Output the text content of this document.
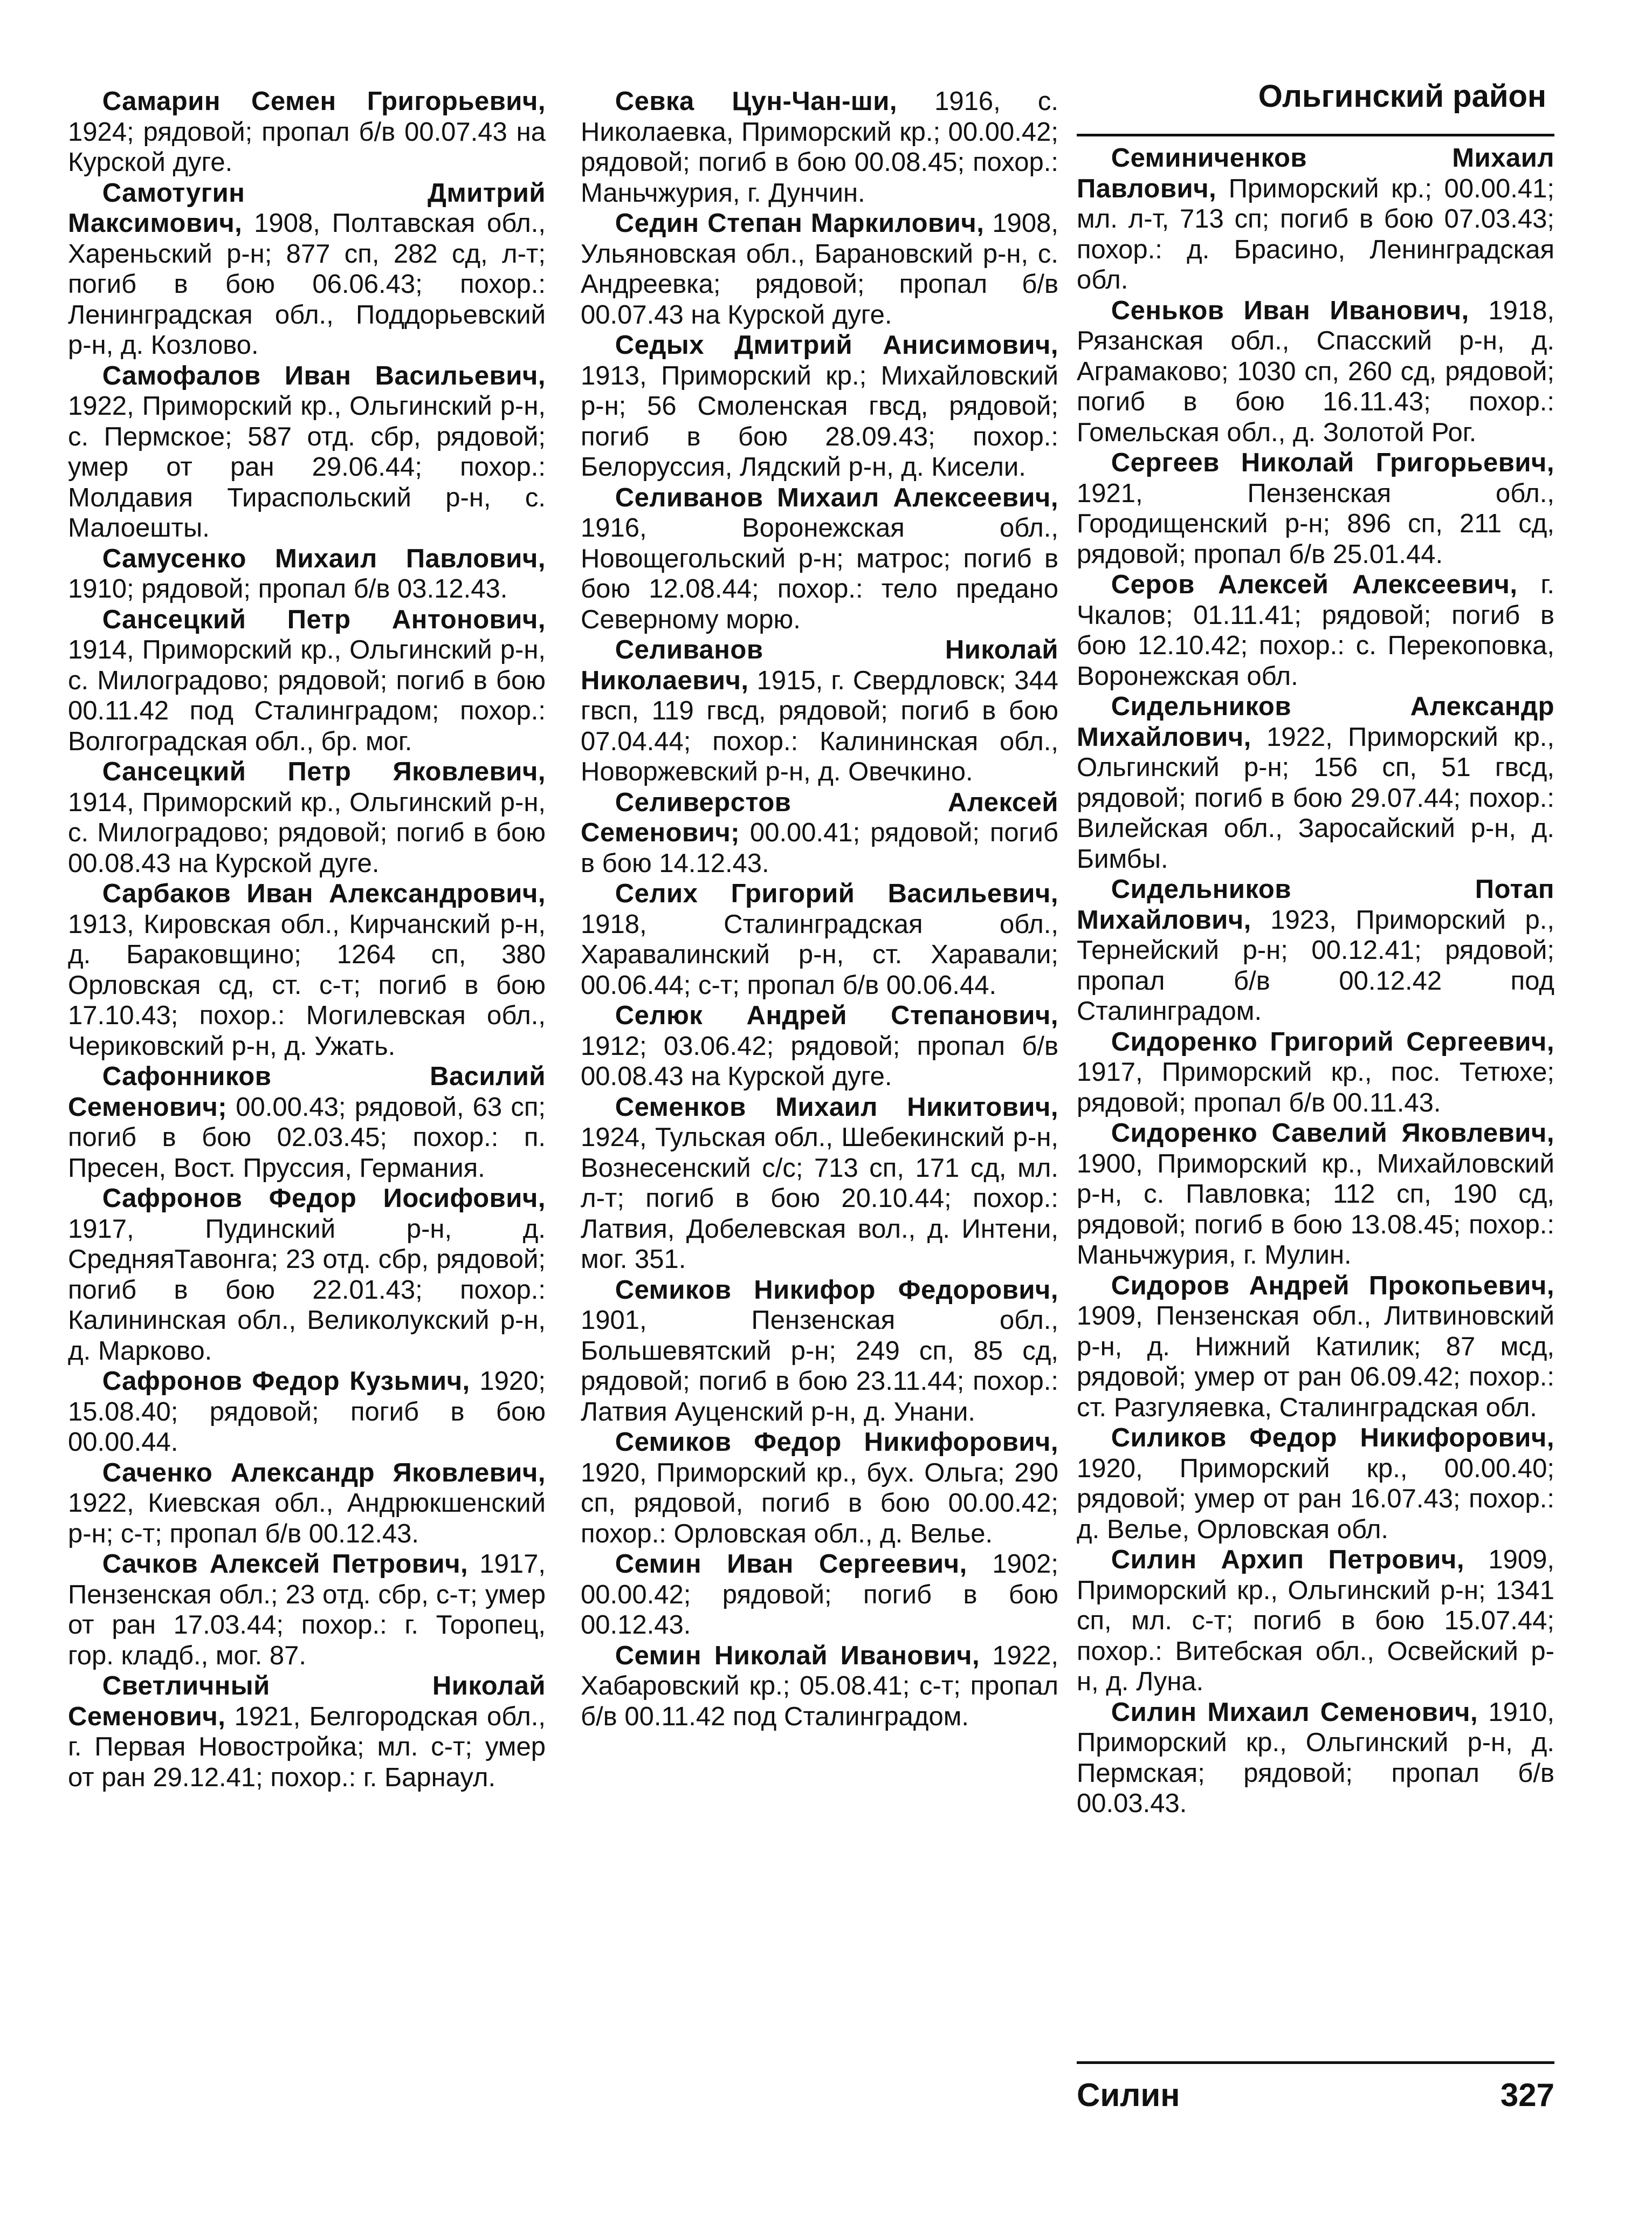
Ольгинский район

Самарин Семен Григорьевич, 1924; рядовой; пропал б/в 00.07.43 на Курской дуге.

Самотугин Дмитрий Максимович, 1908, Полтавская обл., Хареньский р-н; 877 сп, 282 сд, л-т; погиб в бою 06.06.43; похор.: Ленинградская обл., Поддорьевский р-н, д. Козлово.

Самофалов Иван Васильевич, 1922, Приморский кр., Ольгинский р-н, с. Пермское; 587 отд. сбр, рядовой; умер от ран 29.06.44; похор.: Молдавия Тираспольский р-н, с. Малоешты.

Самусенко Михаил Павлович, 1910; рядовой; пропал б/в 03.12.43.

Сансецкий Петр Антонович, 1914, Приморский кр., Ольгинский р-н, с. Милоградово; рядовой; погиб в бою 00.11.42 под Сталинградом; похор.: Волгоградская обл., бр. мог.

Сансецкий Петр Яковлевич, 1914, Приморский кр., Ольгинский р-н, с. Милоградово; рядовой; погиб в бою 00.08.43 на Курской дуге.

Сарбаков Иван Александрович, 1913, Кировская обл., Кирчанский р-н, д. Бараковщино; 1264 сп, 380 Орловская сд, ст. с-т; погиб в бою 17.10.43; похор.: Могилевская обл., Чериковский р-н, д. Ужать.

Сафонников Василий Семенович; 00.00.43; рядовой, 63 сп; погиб в бою 02.03.45; похор.: п. Пресен, Вост. Пруссия, Германия.

Сафронов Федор Иосифович, 1917, Пудинский р-н, д. СредняяТавонга; 23 отд. сбр, рядовой; погиб в бою 22.01.43; похор.: Калининская обл., Великолукский р-н, д. Марково.

Сафронов Федор Кузьмич, 1920; 15.08.40; рядовой; погиб в бою 00.00.44.

Саченко Александр Яковлевич, 1922, Киевская обл., Андрюкшенский р-н; с-т; пропал б/в 00.12.43.

Сачков Алексей Петрович, 1917, Пензенская обл.; 23 отд. сбр, с-т; умер от ран 17.03.44; похор.: г. Торопец, гор. кладб., мог. 87.

Светличный Николай Семенович, 1921, Белгородская обл., г. Первая Новостройка; мл. с-т; умер от ран 29.12.41; похор.: г. Барнаул.

Севка Цун-Чан-ши, 1916, с. Николаевка, Приморский кр.; 00.00.42; рядовой; погиб в бою 00.08.45; похор.: Маньчжурия, г. Дунчин.

Седин Степан Маркилович, 1908, Ульяновская обл., Барановский р-н, с. Андреевка; рядовой; пропал б/в 00.07.43 на Курской дуге.

Седых Дмитрий Анисимович, 1913, Приморский кр.; Михайловский р-н; 56 Смоленская гвсд, рядовой; погиб в бою 28.09.43; похор.: Белоруссия, Лядский р-н, д. Кисели.

Селиванов Михаил Алексеевич, 1916, Воронежская обл., Новощегольский р-н; матрос; погиб в бою 12.08.44; похор.: тело предано Северному морю.

Селиванов Николай Николаевич, 1915, г. Свердловск; 344 гвсп, 119 гвсд, рядовой; погиб в бою 07.04.44; похор.: Калининская обл., Новоржевский р-н, д. Овечкино.

Селиверстов Алексей Семенович; 00.00.41; рядовой; погиб в бою 14.12.43.

Селих Григорий Васильевич, 1918, Сталинградская обл., Харавалинский р-н, ст. Харавали; 00.06.44; с-т; пропал б/в 00.06.44.

Селюк Андрей Степанович, 1912; 03.06.42; рядовой; пропал б/в 00.08.43 на Курской дуге.

Семенков Михаил Никитович, 1924, Тульская обл., Шебекинский р-н, Вознесенский с/с; 713 сп, 171 сд, мл. л-т; погиб в бою 20.10.44; похор.: Латвия, Добелевская вол., д. Интени, мог. 351.

Семиков Никифор Федорович, 1901, Пензенская обл., Большевятский р-н; 249 сп, 85 сд, рядовой; погиб в бою 23.11.44; похор.: Латвия Ауценский р-н, д. Унани.

Семиков Федор Никифорович, 1920, Приморский кр., бух. Ольга; 290 сп, рядовой, погиб в бою 00.00.42; похор.: Орловская обл., д. Велье.

Семин Иван Сергеевич, 1902; 00.00.42; рядовой; погиб в бою 00.12.43.

Семин Николай Иванович, 1922, Хабаровский кр.; 05.08.41; с-т; пропал б/в 00.11.42 под Сталинградом.

Семиниченков Михаил Павлович, Приморский кр.; 00.00.41; мл. л-т, 713 сп; погиб в бою 07.03.43; похор.: д. Брасино, Ленинградская обл.

Сеньков Иван Иванович, 1918, Рязанская обл., Спасский р-н, д. Аграмаково; 1030 сп, 260 сд, рядовой; погиб в бою 16.11.43; похор.: Гомельская обл., д. Золотой Рог.

Сергеев Николай Григорьевич, 1921, Пензенская обл., Городищенский р-н; 896 сп, 211 сд, рядовой; пропал б/в 25.01.44.

Серов Алексей Алексеевич, г. Чкалов; 01.11.41; рядовой; погиб в бою 12.10.42; похор.: с. Перекоповка, Воронежская обл.

Сидельников Александр Михайлович, 1922, Приморский кр., Ольгинский р-н; 156 сп, 51 гвсд, рядовой; погиб в бою 29.07.44; похор.: Вилейская обл., Заросайский р-н, д. Бимбы.

Сидельников Потап Михайлович, 1923, Приморский р., Тернейский р-н; 00.12.41; рядовой; пропал б/в 00.12.42 под Сталинградом.

Сидоренко Григорий Сергеевич, 1917, Приморский кр., пос. Тетюхе; рядовой; пропал б/в 00.11.43.

Сидоренко Савелий Яковлевич, 1900, Приморский кр., Михайловский р-н, с. Павловка; 112 сп, 190 сд, рядовой; погиб в бою 13.08.45; похор.: Маньчжурия, г. Мулин.

Сидоров Андрей Прокопьевич, 1909, Пензенская обл., Литвиновский р-н, д. Нижний Катилик; 87 мсд, рядовой; умер от ран 06.09.42; похор.: ст. Разгуляевка, Сталинградская обл.

Силиков Федор Никифорович, 1920, Приморский кр., 00.00.40; рядовой; умер от ран 16.07.43; похор.: д. Велье, Орловская обл.

Силин Архип Петрович, 1909, Приморский кр., Ольгинский р-н; 1341 сп, мл. с-т; погиб в бою 15.07.44; похор.: Витебская обл., Освейский р-н, д. Луна.

Силин Михаил Семенович, 1910, Приморский кр., Ольгинский р-н, д. Пермская; рядовой; пропал б/в 00.03.43.

Силин	327
